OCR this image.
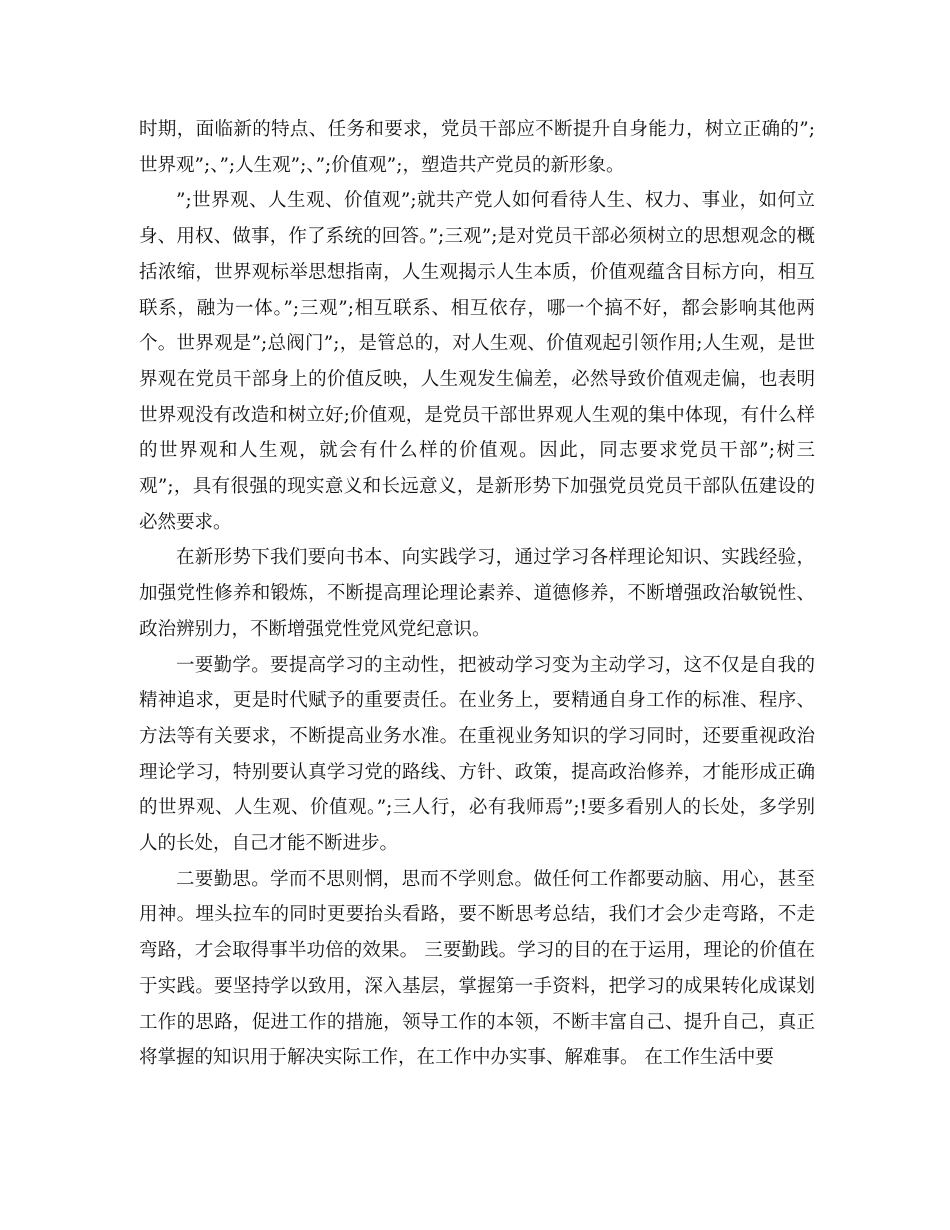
时期，面临新的特点、任务和要求，党员干部应不断提升自身能力，树立正确的”;世界观”;、”;人生观”;、”;价值观”;，塑造共产党员的新形象。

”;世界观、人生观、价值观”;就共产党人如何看待人生、权力、事业，如何立身、用权、做事，作了系统的回答。”;三观”;是对党员干部必须树立的思想观念的概括浓缩，世界观标举思想指南，人生观揭示人生本质，价值观蕴含目标方向，相互联系，融为一体。”;三观”;相互联系、相互依存，哪一个搞不好，都会影响其他两个。世界观是”;总阀门”;，是管总的，对人生观、价值观起引领作用;人生观，是世界观在党员干部身上的价值反映，人生观发生偏差，必然导致价值观走偏，也表明世界观没有改造和树立好;价值观，是党员干部世界观人生观的集中体现，有什么样的世界观和人生观，就会有什么样的价值观。因此，同志要求党员干部”;树三观”;，具有很强的现实意义和长远意义，是新形势下加强党员党员干部队伍建设的必然要求。

在新形势下我们要向书本、向实践学习，通过学习各样理论知识、实践经验，加强党性修养和锻炼，不断提高理论理论素养、道德修养，不断增强政治敏锐性、政治辨别力，不断增强党性党风党纪意识。

一要勤学。要提高学习的主动性，把被动学习变为主动学习，这不仅是自我的精神追求，更是时代赋予的重要责任。在业务上，要精通自身工作的标准、程序、方法等有关要求，不断提高业务水准。在重视业务知识的学习同时，还要重视政治理论学习，特别要认真学习党的路线、方针、政策，提高政治修养，才能形成正确的世界观、人生观、价值观。”;三人行，必有我师焉”;!要多看别人的长处，多学别人的长处，自己才能不断进步。

二要勤思。学而不思则惘，思而不学则怠。做任何工作都要动脑、用心，甚至用神。埋头拉车的同时更要抬头看路，要不断思考总结，我们才会少走弯路，不走弯路，才会取得事半功倍的效果。 三要勤践。学习的目的在于运用，理论的价值在于实践。要坚持学以致用，深入基层，掌握第一手资料，把学习的成果转化成谋划工作的思路，促进工作的措施，领导工作的本领，不断丰富自己、提升自己，真正将掌握的知识用于解决实际工作，在工作中办实事、解难事。 在工作生活中要
